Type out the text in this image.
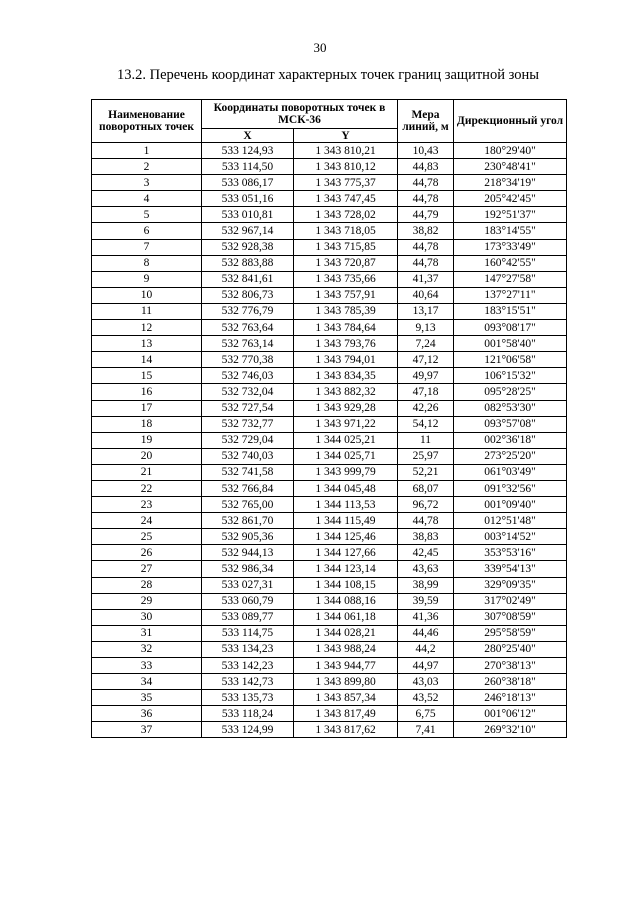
30
13.2. Перечень координат характерных точек границ защитной зоны
Наименование поворотных точек	Координаты поворотных точек в МСК-36		Мера линий, м	Дирекционный угол
	X	Y		
1	533 124,93	1 343 810,21	10,43	180°29'40"
2	533 114,50	1 343 810,12	44,83	230°48'41"
3	533 086,17	1 343 775,37	44,78	218°34'19"
4	533 051,16	1 343 747,45	44,78	205°42'45"
5	533 010,81	1 343 728,02	44,79	192°51'37"
6	532 967,14	1 343 718,05	38,82	183°14'55"
7	532 928,38	1 343 715,85	44,78	173°33'49"
8	532 883,88	1 343 720,87	44,78	160°42'55"
9	532 841,61	1 343 735,66	41,37	147°27'58"
10	532 806,73	1 343 757,91	40,64	137°27'11"
11	532 776,79	1 343 785,39	13,17	183°15'51"
12	532 763,64	1 343 784,64	9,13	093°08'17"
13	532 763,14	1 343 793,76	7,24	001°58'40"
14	532 770,38	1 343 794,01	47,12	121°06'58"
15	532 746,03	1 343 834,35	49,97	106°15'32"
16	532 732,04	1 343 882,32	47,18	095°28'25"
17	532 727,54	1 343 929,28	42,26	082°53'30"
18	532 732,77	1 343 971,22	54,12	093°57'08"
19	532 729,04	1 344 025,21	11	002°36'18"
20	532 740,03	1 344 025,71	25,97	273°25'20"
21	532 741,58	1 343 999,79	52,21	061°03'49"
22	532 766,84	1 344 045,48	68,07	091°32'56"
23	532 765,00	1 344 113,53	96,72	001°09'40"
24	532 861,70	1 344 115,49	44,78	012°51'48"
25	532 905,36	1 344 125,46	38,83	003°14'52"
26	532 944,13	1 344 127,66	42,45	353°53'16"
27	532 986,34	1 344 123,14	43,63	339°54'13"
28	533 027,31	1 344 108,15	38,99	329°09'35"
29	533 060,79	1 344 088,16	39,59	317°02'49"
30	533 089,77	1 344 061,18	41,36	307°08'59"
31	533 114,75	1 344 028,21	44,46	295°58'59"
32	533 134,23	1 343 988,24	44,2	280°25'40"
33	533 142,23	1 343 944,77	44,97	270°38'13"
34	533 142,73	1 343 899,80	43,03	260°38'18"
35	533 135,73	1 343 857,34	43,52	246°18'13"
36	533 118,24	1 343 817,49	6,75	001°06'12"
37	533 124,99	1 343 817,62	7,41	269°32'10"
